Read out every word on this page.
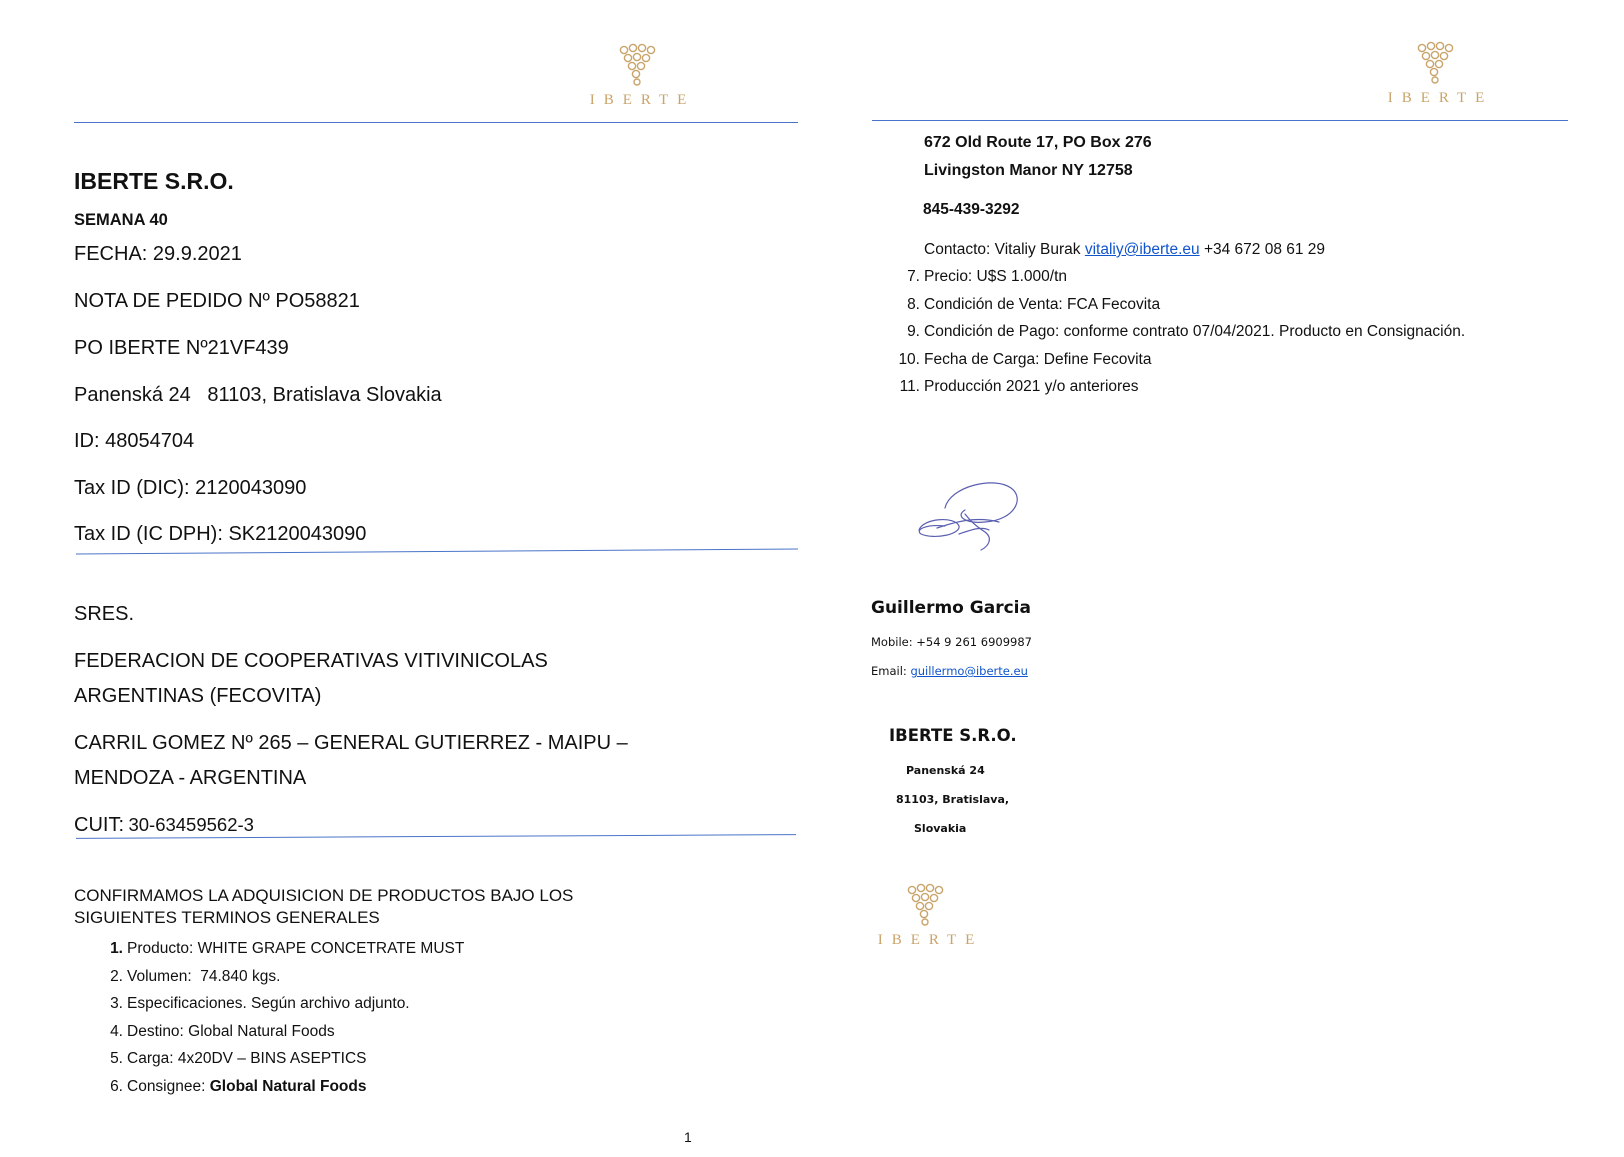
IBERTE
IBERTE S.R.O.
SEMANA 40
FECHA: 29.9.2021
NOTA DE PEDIDO Nº PO58821
PO IBERTE Nº21VF439
Panenská 24   81103, Bratislava Slovakia
ID: 48054704
Tax ID (DIC): 2120043090
Tax ID (IC DPH): SK2120043090
SRES.
FEDERACION DE COOPERATIVAS VITIVINICOLAS
ARGENTINAS (FECOVITA)
CARRIL GOMEZ Nº 265 – GENERAL GUTIERREZ - MAIPU –
MENDOZA - ARGENTINA
CUIT: 30-63459562-3
CONFIRMAMOS LA ADQUISICION DE PRODUCTOS BAJO LOS
SIGUIENTES TERMINOS GENERALES
1. Producto: WHITE GRAPE CONCETRATE MUST
2. Volumen:  74.840 kgs.
3. Especificaciones. Según archivo adjunto.
4. Destino: Global Natural Foods
5. Carga: 4x20DV – BINS ASEPTICS
6. Consignee: Global Natural Foods
1
IBERTE
672 Old Route 17, PO Box 276
Livingston Manor NY 12758
845-439-3292
Contacto: Vitaliy Burak vitaliy@iberte.eu +34 672 08 61 29
7. Precio: U$S 1.000/tn
8. Condición de Venta: FCA Fecovita
9. Condición de Pago: conforme contrato 07/04/2021. Producto en Consignación.
10. Fecha de Carga: Define Fecovita
11. Producción 2021 y/o anteriores
Guillermo Garcia
Mobile: +54 9 261 6909987
Email: guillermo@iberte.eu
IBERTE S.R.O.
Panenská 24
81103, Bratislava,
Slovakia
IBERTE
